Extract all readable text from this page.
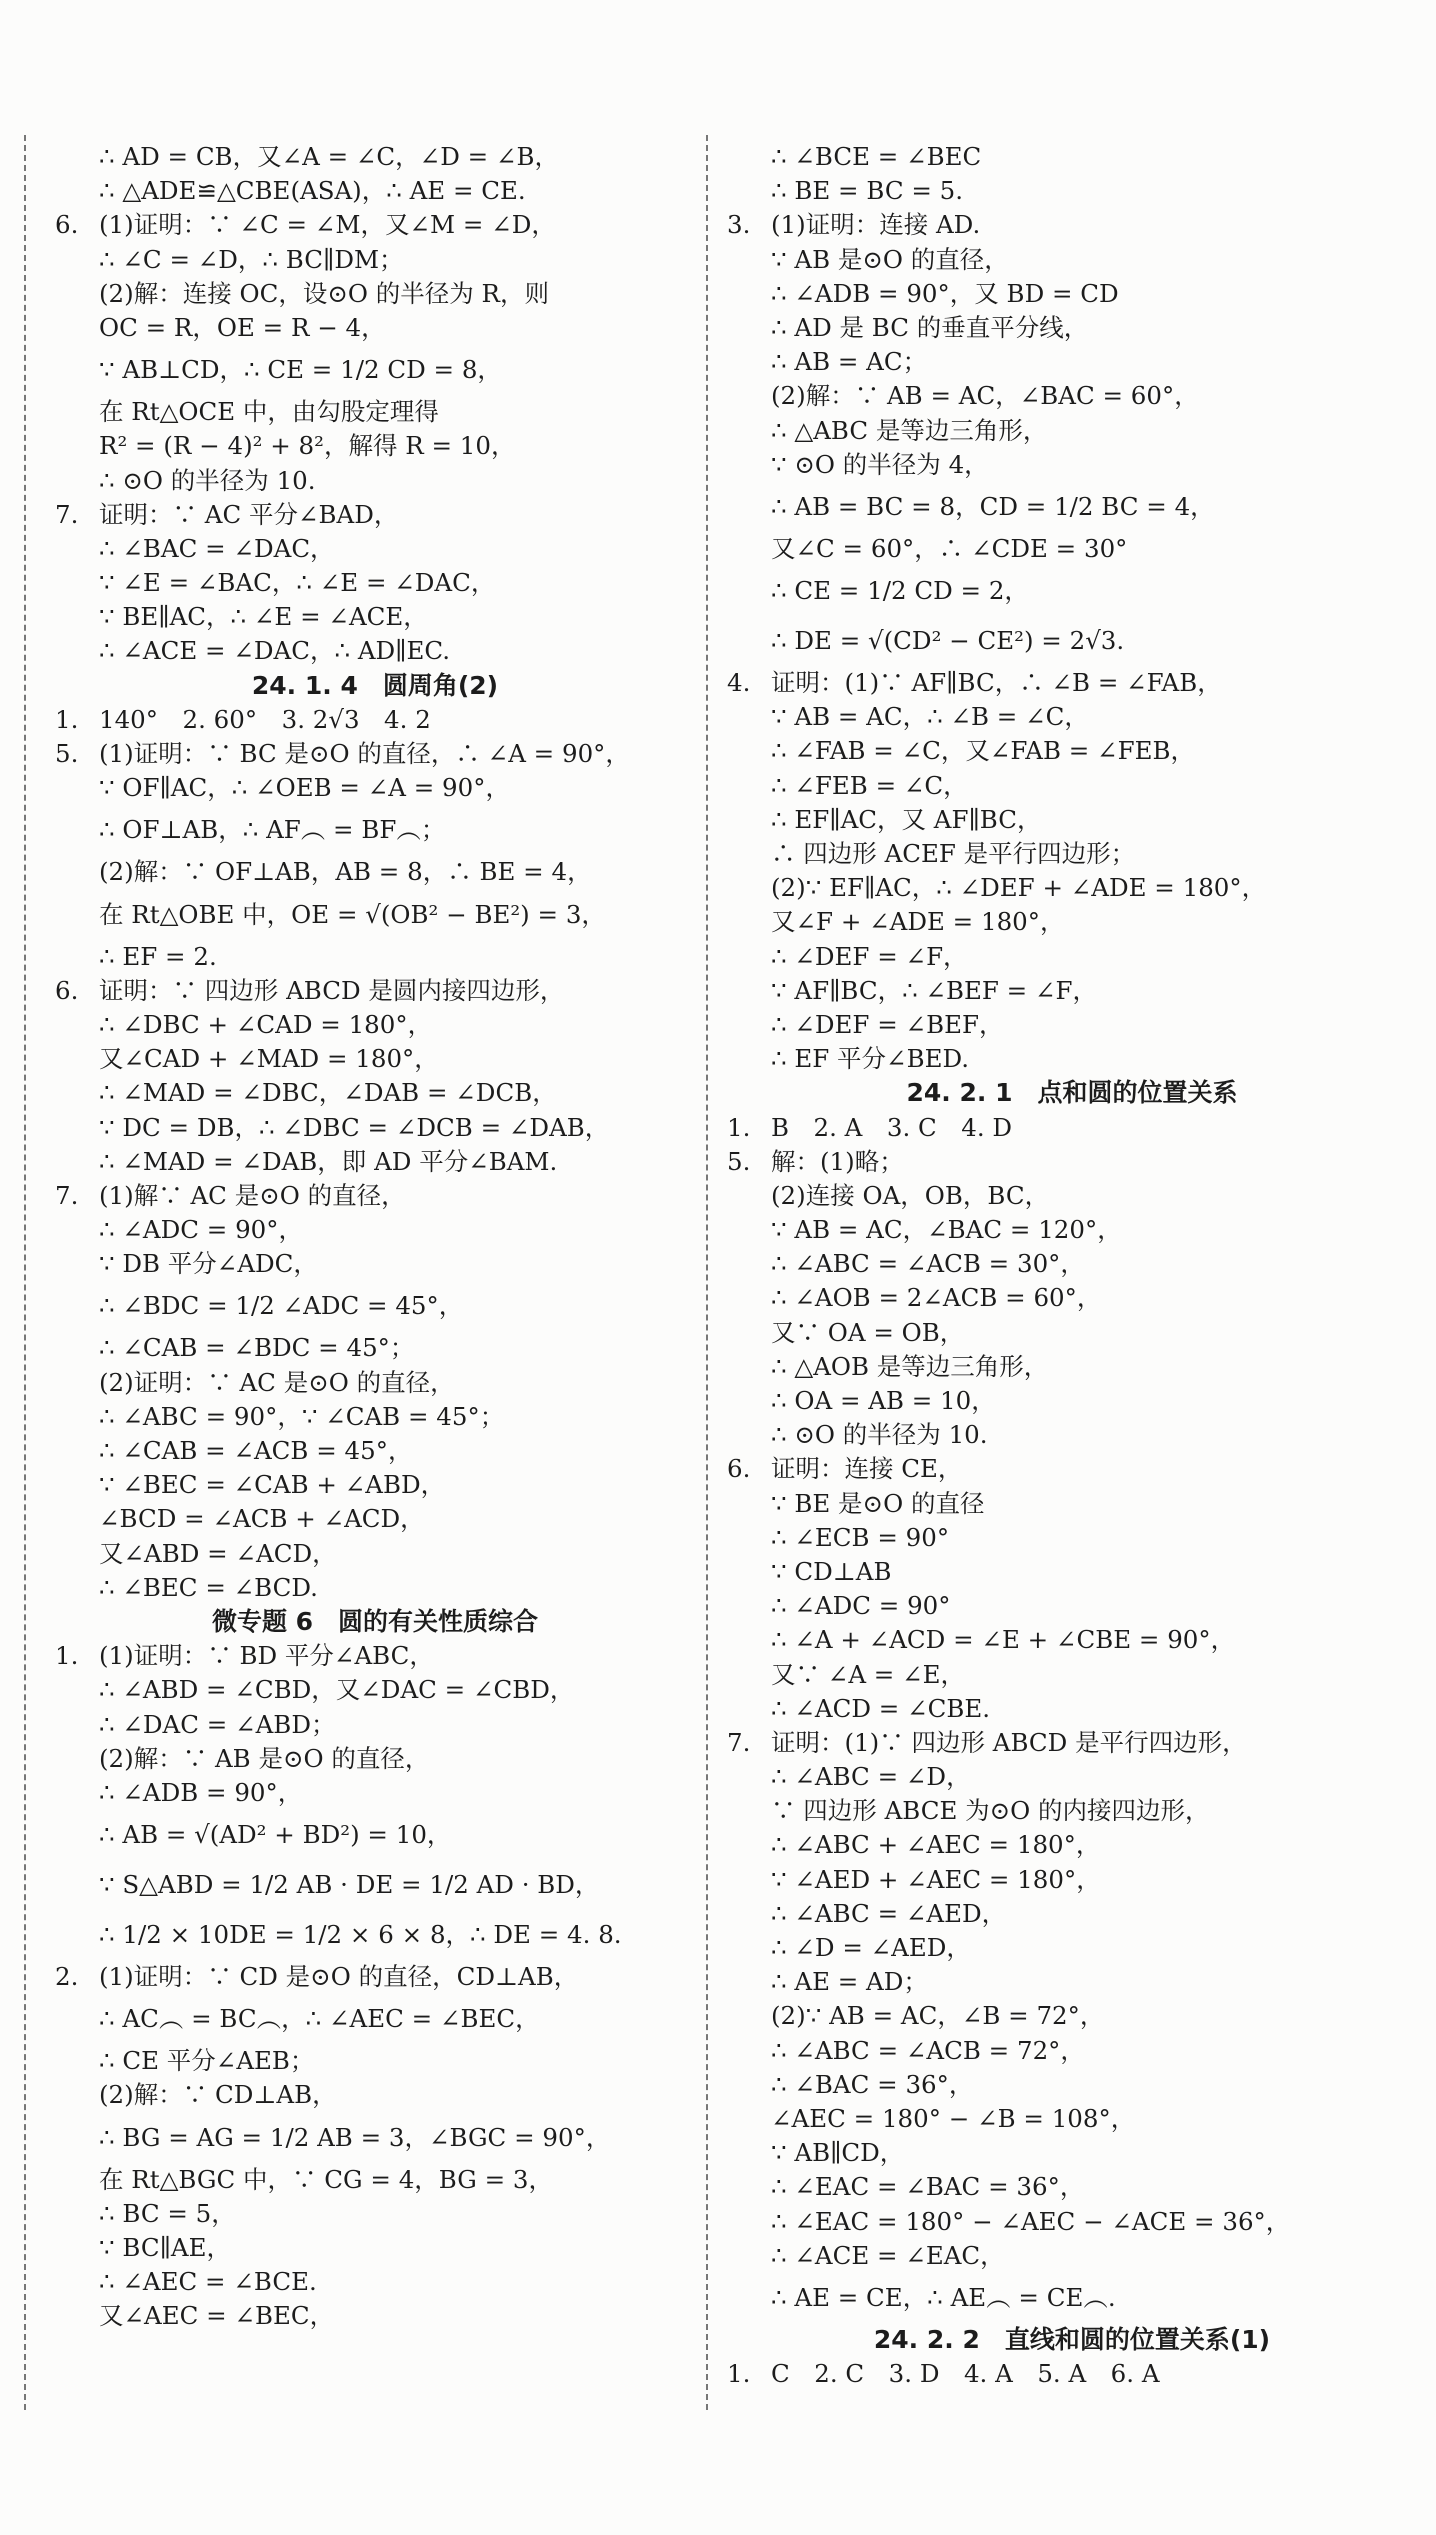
∴ AD = CB，又∠A = ∠C，∠D = ∠B，
∴ △ADE≌△CBE(ASA)，∴ AE = CE.
6. (1)证明：∵ ∠C = ∠M，又∠M = ∠D，
∴ ∠C = ∠D，∴ BC∥DM；
(2)解：连接 OC，设⊙O 的半径为 R，则
OC = R，OE = R − 4，
∵ AB⊥CD，∴ CE = 1/2 CD = 8，
在 Rt△OCE 中，由勾股定理得
R² = (R − 4)² + 8²，解得 R = 10，
∴ ⊙O 的半径为 10.
7. 证明：∵ AC 平分∠BAD，
∴ ∠BAC = ∠DAC，
∵ ∠E = ∠BAC，∴ ∠E = ∠DAC，
∵ BE∥AC，∴ ∠E = ∠ACE，
∴ ∠ACE = ∠DAC，∴ AD∥EC.
24. 1. 4　圆周角(2)
1. 140°　2. 60°　3. 2√3　4. 2
5. (1)证明：∵ BC 是⊙O 的直径，∴ ∠A = 90°，
∵ OF∥AC，∴ ∠OEB = ∠A = 90°，
∴ OF⊥AB，∴ AF︵ = BF︵；
(2)解：∵ OF⊥AB，AB = 8，∴ BE = 4，
在 Rt△OBE 中，OE = √(OB² − BE²) = 3，
∴ EF = 2.
6. 证明：∵ 四边形 ABCD 是圆内接四边形，
∴ ∠DBC + ∠CAD = 180°，
又∠CAD + ∠MAD = 180°，
∴ ∠MAD = ∠DBC，∠DAB = ∠DCB，
∵ DC = DB，∴ ∠DBC = ∠DCB = ∠DAB，
∴ ∠MAD = ∠DAB，即 AD 平分∠BAM.
7. (1)解∵ AC 是⊙O 的直径，
∴ ∠ADC = 90°，
∵ DB 平分∠ADC，
∴ ∠BDC = 1/2 ∠ADC = 45°，
∴ ∠CAB = ∠BDC = 45°；
(2)证明：∵ AC 是⊙O 的直径，
∴ ∠ABC = 90°，∵ ∠CAB = 45°；
∴ ∠CAB = ∠ACB = 45°，
∵ ∠BEC = ∠CAB + ∠ABD，
∠BCD = ∠ACB + ∠ACD，
又∠ABD = ∠ACD，
∴ ∠BEC = ∠BCD.
微专题 6　圆的有关性质综合
1. (1)证明：∵ BD 平分∠ABC，
∴ ∠ABD = ∠CBD，又∠DAC = ∠CBD，
∴ ∠DAC = ∠ABD；
(2)解：∵ AB 是⊙O 的直径，
∴ ∠ADB = 90°，
∴ AB = √(AD² + BD²) = 10，
∵ S△ABD = 1/2 AB · DE = 1/2 AD · BD，
∴ 1/2 × 10DE = 1/2 × 6 × 8，∴ DE = 4. 8.
2. (1)证明：∵ CD 是⊙O 的直径，CD⊥AB，
∴ AC︵ = BC︵，∴ ∠AEC = ∠BEC，
∴ CE 平分∠AEB；
(2)解：∵ CD⊥AB，
∴ BG = AG = 1/2 AB = 3，∠BGC = 90°，
在 Rt△BGC 中，∵ CG = 4，BG = 3，
∴ BC = 5，
∵ BC∥AE，
∴ ∠AEC = ∠BCE.
又∠AEC = ∠BEC，
∴ ∠BCE = ∠BEC
∴ BE = BC = 5.
3. (1)证明：连接 AD.
∵ AB 是⊙O 的直径，
∴ ∠ADB = 90°，又 BD = CD
∴ AD 是 BC 的垂直平分线，
∴ AB = AC；
(2)解：∵ AB = AC，∠BAC = 60°，
∴ △ABC 是等边三角形，
∵ ⊙O 的半径为 4，
∴ AB = BC = 8，CD = 1/2 BC = 4，
又∠C = 60°，∴ ∠CDE = 30°
∴ CE = 1/2 CD = 2，
∴ DE = √(CD² − CE²) = 2√3.
4. 证明：(1)∵ AF∥BC，∴ ∠B = ∠FAB，
∵ AB = AC，∴ ∠B = ∠C，
∴ ∠FAB = ∠C，又∠FAB = ∠FEB，
∴ ∠FEB = ∠C，
∴ EF∥AC，又 AF∥BC，
∴ 四边形 ACEF 是平行四边形；
(2)∵ EF∥AC，∴ ∠DEF + ∠ADE = 180°，
又∠F + ∠ADE = 180°，
∴ ∠DEF = ∠F，
∵ AF∥BC，∴ ∠BEF = ∠F，
∴ ∠DEF = ∠BEF，
∴ EF 平分∠BED.
24. 2. 1　点和圆的位置关系
1. B　2. A　3. C　4. D
5. 解：(1)略；
(2)连接 OA，OB，BC，
∵ AB = AC，∠BAC = 120°，
∴ ∠ABC = ∠ACB = 30°，
∴ ∠AOB = 2∠ACB = 60°，
又∵ OA = OB，
∴ △AOB 是等边三角形，
∴ OA = AB = 10，
∴ ⊙O 的半径为 10.
6. 证明：连接 CE，
∵ BE 是⊙O 的直径
∴ ∠ECB = 90°
∵ CD⊥AB
∴ ∠ADC = 90°
∴ ∠A + ∠ACD = ∠E + ∠CBE = 90°，
又∵ ∠A = ∠E，
∴ ∠ACD = ∠CBE.
7. 证明：(1)∵ 四边形 ABCD 是平行四边形，
∴ ∠ABC = ∠D，
∵ 四边形 ABCE 为⊙O 的内接四边形，
∴ ∠ABC + ∠AEC = 180°，
∵ ∠AED + ∠AEC = 180°，
∴ ∠ABC = ∠AED，
∴ ∠D = ∠AED，
∴ AE = AD；
(2)∵ AB = AC，∠B = 72°，
∴ ∠ABC = ∠ACB = 72°，
∴ ∠BAC = 36°，
∠AEC = 180° − ∠B = 108°，
∵ AB∥CD，
∴ ∠EAC = ∠BAC = 36°，
∴ ∠EAC = 180° − ∠AEC − ∠ACE = 36°，
∴ ∠ACE = ∠EAC，
∴ AE = CE，∴ AE︵ = CE︵.
24. 2. 2　直线和圆的位置关系(1)
1. C　2. C　3. D　4. A　5. A　6. A
